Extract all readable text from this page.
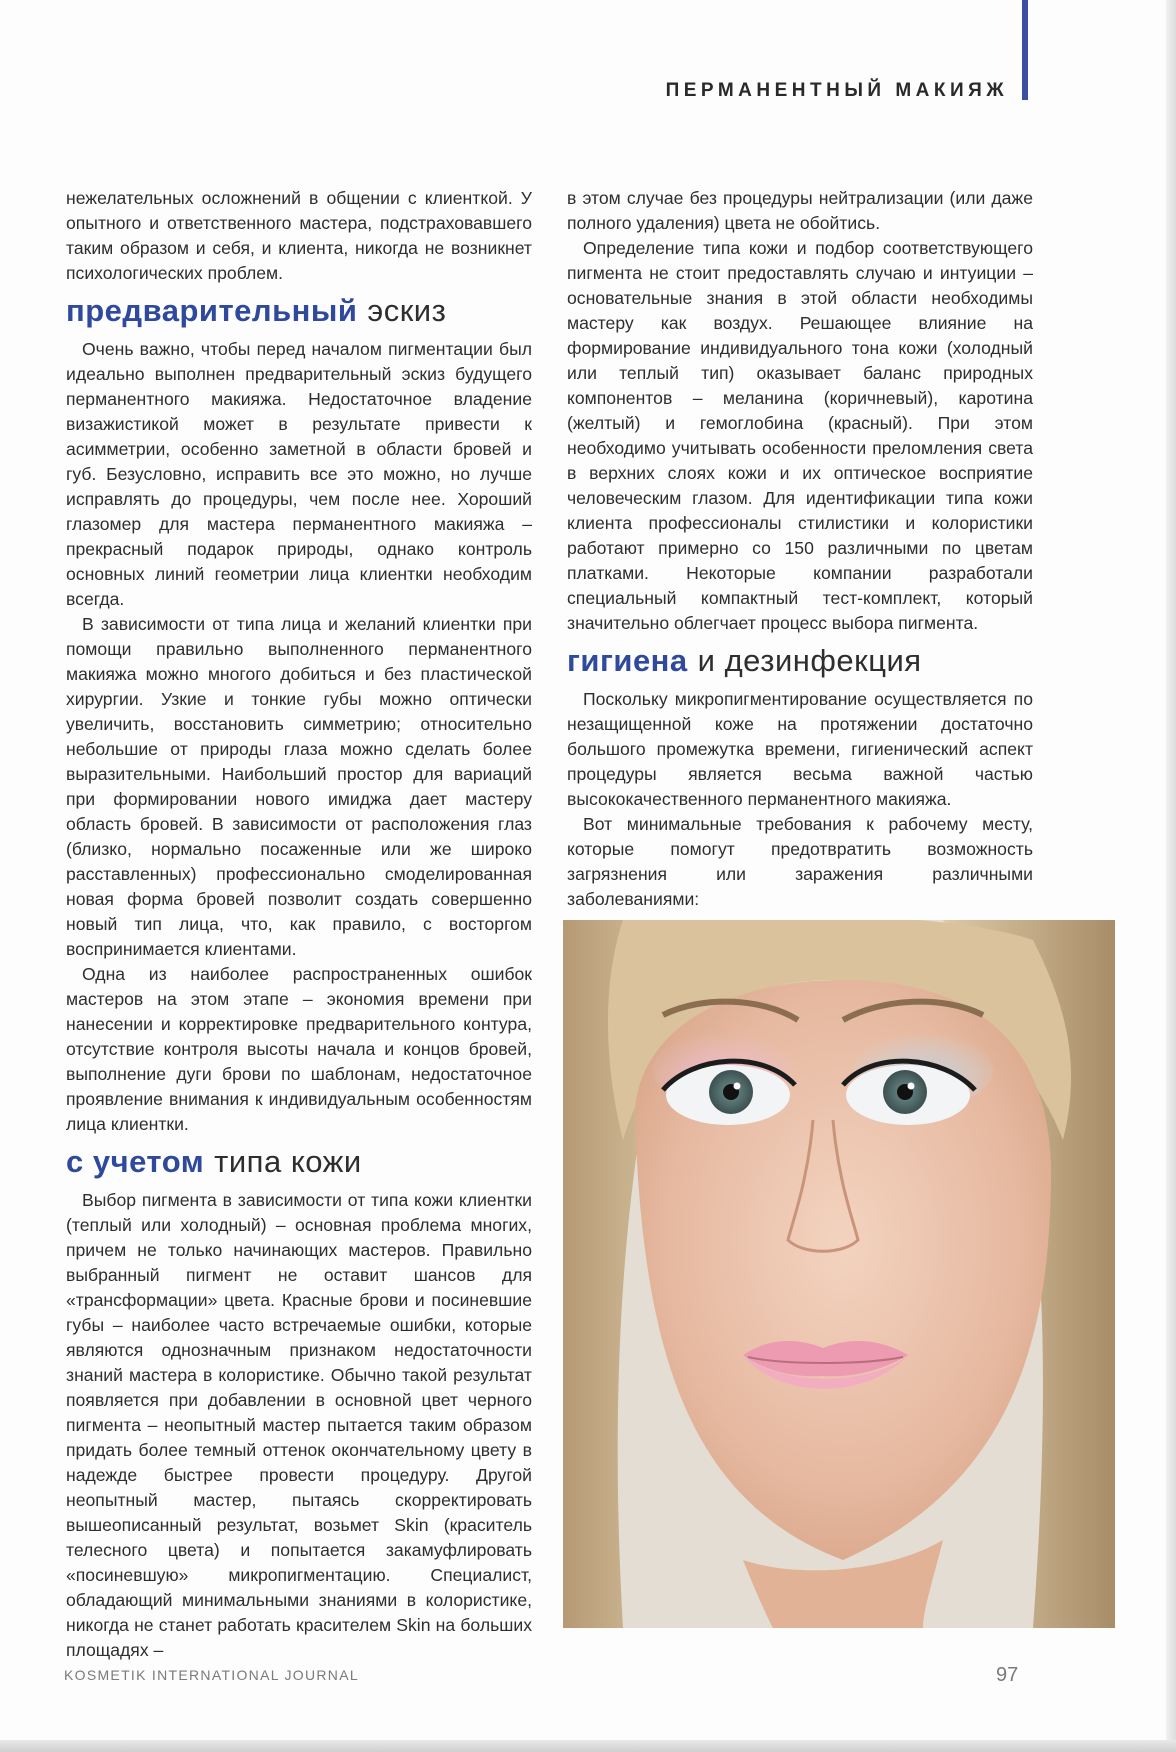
ПЕРМАНЕНТНЫЙ МАКИЯЖ

нежелательных осложнений в общении с клиенткой. У опытного и ответственного мастера, подстраховавшего таким образом и себя, и клиента, никогда не возникнет психологических проблем.

предварительный эскиз

Очень важно, чтобы перед началом пигментации был идеально выполнен предварительный эскиз будущего перманентного макияжа. Недостаточное владение визажистикой может в результате привести к асимметрии, особенно заметной в области бровей и губ. Безусловно, исправить все это можно, но лучше исправлять до процедуры, чем после нее. Хороший глазомер для мастера перманентного макияжа – прекрасный подарок природы, однако контроль основных линий геометрии лица клиентки необходим всегда.

В зависимости от типа лица и желаний клиентки при помощи правильно выполненного перманентного макияжа можно многого добиться и без пластической хирургии. Узкие и тонкие губы можно оптически увеличить, восстановить симметрию; относительно небольшие от природы глаза можно сделать более выразительными. Наибольший простор для вариаций при формировании нового имиджа дает мастеру область бровей. В зависимости от расположения глаз (близко, нормально посаженные или же широко расставленных) профессионально смоделированная новая форма бровей позволит создать совершенно новый тип лица, что, как правило, с восторгом воспринимается клиентами.

Одна из наиболее распространенных ошибок мастеров на этом этапе – экономия времени при нанесении и корректировке предварительного контура, отсутствие контроля высоты начала и концов бровей, выполнение дуги брови по шаблонам, недостаточное проявление внимания к индивидуальным особенностям лица клиентки.

с учетом типа кожи

Выбор пигмента в зависимости от типа кожи клиентки (теплый или холодный) – основная проблема многих, причем не только начинающих мастеров. Правильно выбранный пигмент не оставит шансов для «трансформации» цвета. Красные брови и посиневшие губы – наиболее часто встречаемые ошибки, которые являются однозначным признаком недостаточности знаний мастера в колористике. Обычно такой результат появляется при добавлении в основной цвет черного пигмента – неопытный мастер пытается таким образом придать более темный оттенок окончательному цвету в надежде быстрее провести процедуру. Другой неопытный мастер, пытаясь скорректировать вышеописанный результат, возьмет Skin (краситель телесного цвета) и попытается закамуфлировать «посиневшую» микропигментацию. Специалист, обладающий минимальными знаниями в колористике, никогда не станет работать красителем Skin на больших площадях –

в этом случае без процедуры нейтрализации (или даже полного удаления) цвета не обойтись.

Определение типа кожи и подбор соответствующего пигмента не стоит предоставлять случаю и интуиции – основательные знания в этой области необходимы мастеру как воздух. Решающее влияние на формирование индивидуального тона кожи (холодный или теплый тип) оказывает баланс природных компонентов – меланина (коричневый), каротина (желтый) и гемоглобина (красный). При этом необходимо учитывать особенности преломления света в верхних слоях кожи и их оптическое восприятие человеческим глазом. Для идентификации типа кожи клиента профессионалы стилистики и колористики работают примерно со 150 различными по цветам платками. Некоторые компании разработали специальный компактный тест-комплект, который значительно облегчает процесс выбора пигмента.

гигиена и дезинфекция

Поскольку микропигментирование осуществляется по незащищенной коже на протяжении достаточно большого промежутка времени, гигиенический аспект процедуры является весьма важной частью высококачественного перманентного макияжа.

Вот минимальные требования к рабочему месту, которые помогут предотвратить возможность загрязнения или заражения различными заболеваниями:

KOSMETIK INTERNATIONAL JOURNAL	97
